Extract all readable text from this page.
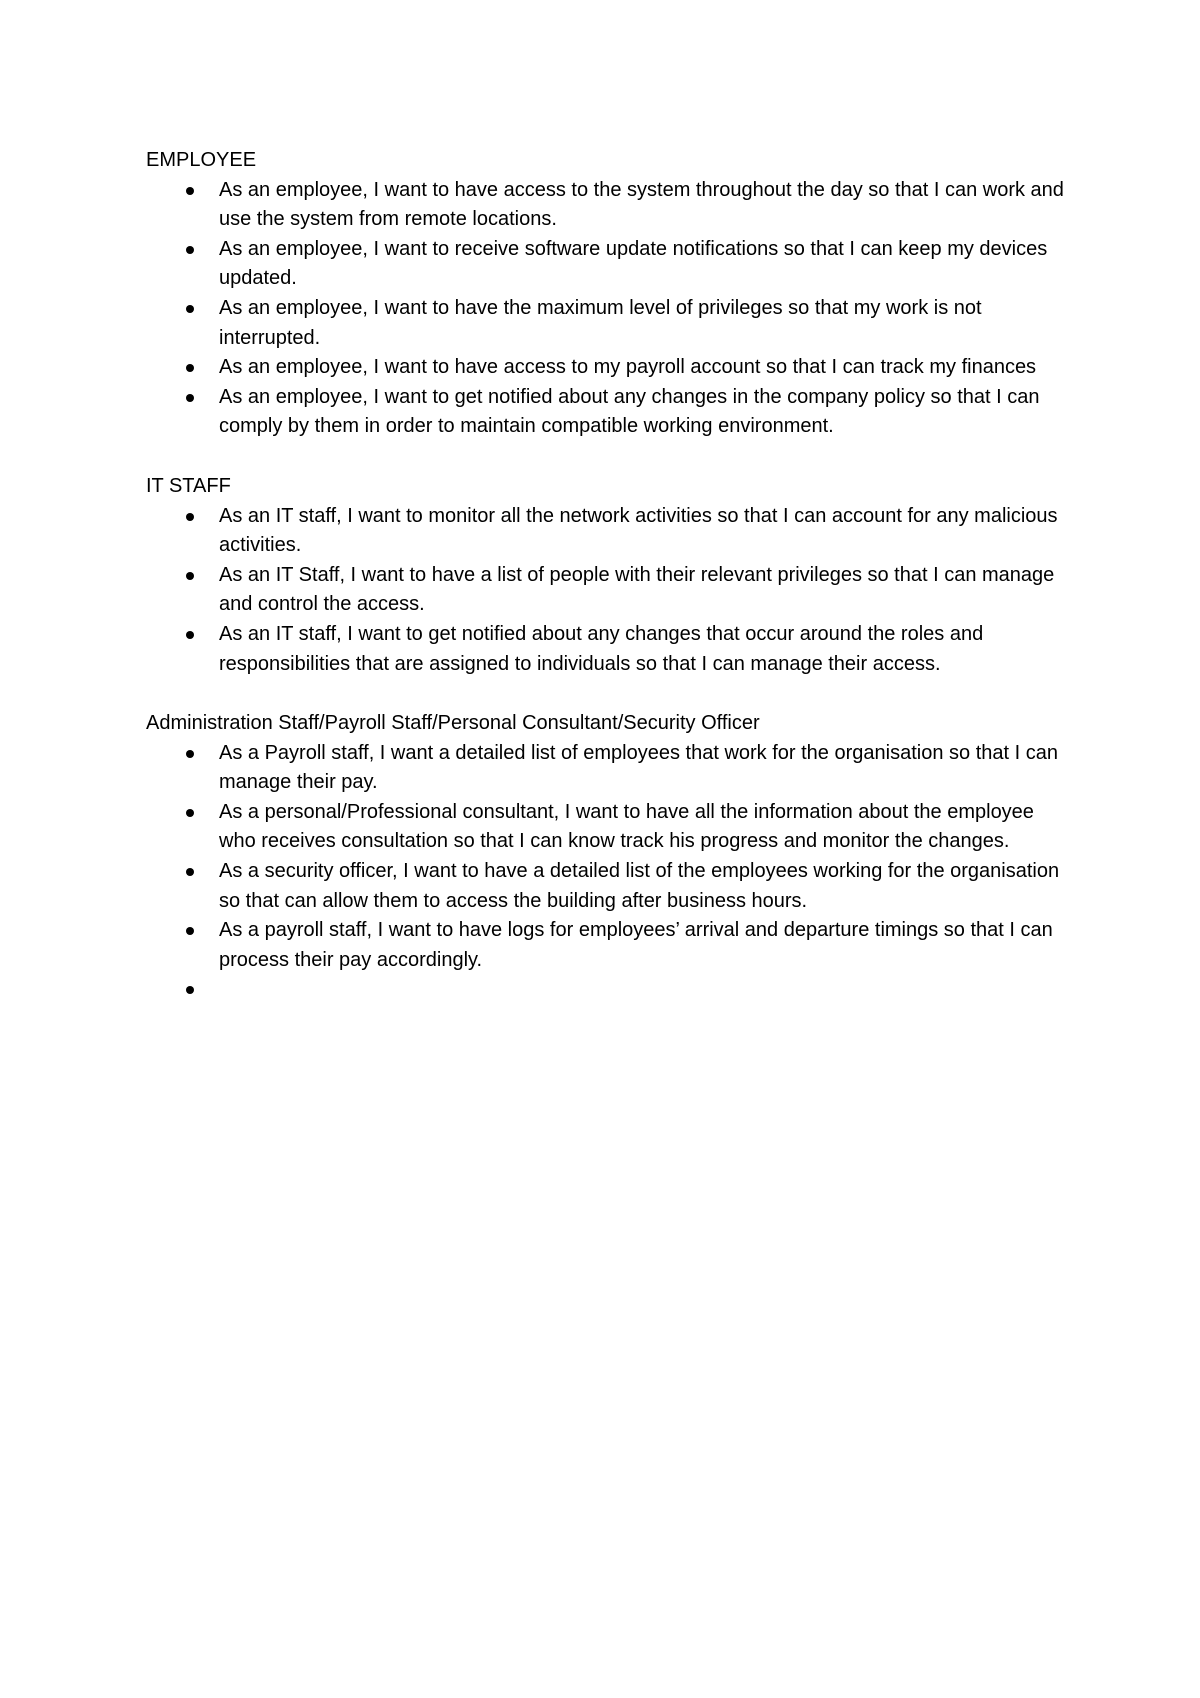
EMPLOYEE
As an employee, I want to have access to the system throughout the day so that I can work and use the system from remote locations.
As an employee, I want to receive software update notifications so that I can keep my devices updated.
As an employee, I want to have the maximum level of privileges so that my work is not interrupted.
As an employee, I want to have access to my payroll account so that I can track my finances
As an employee, I want to get notified about any changes in the company policy so that I can comply by them in order to maintain compatible working environment.
IT STAFF
As an IT staff, I want to monitor all the network activities so that I can account for any malicious activities.
As an IT Staff, I want to have a list of people with their relevant privileges so that I can manage and control the access.
As an IT staff, I want to get notified about any changes that occur around the roles and responsibilities that are assigned to individuals so that I can manage their access.
Administration Staff/Payroll Staff/Personal Consultant/Security Officer
As a Payroll staff, I want a detailed list of employees that work for the organisation so that I can manage their pay.
As a personal/Professional consultant, I want to have all the information about the employee who receives consultation so that I can know track his progress and monitor the changes.
As a security officer, I want to have a detailed list of the employees working for the organisation so that can allow them to access the building after business hours.
As a payroll staff, I want to have logs for employees’ arrival and departure timings so that I can process their pay accordingly.
